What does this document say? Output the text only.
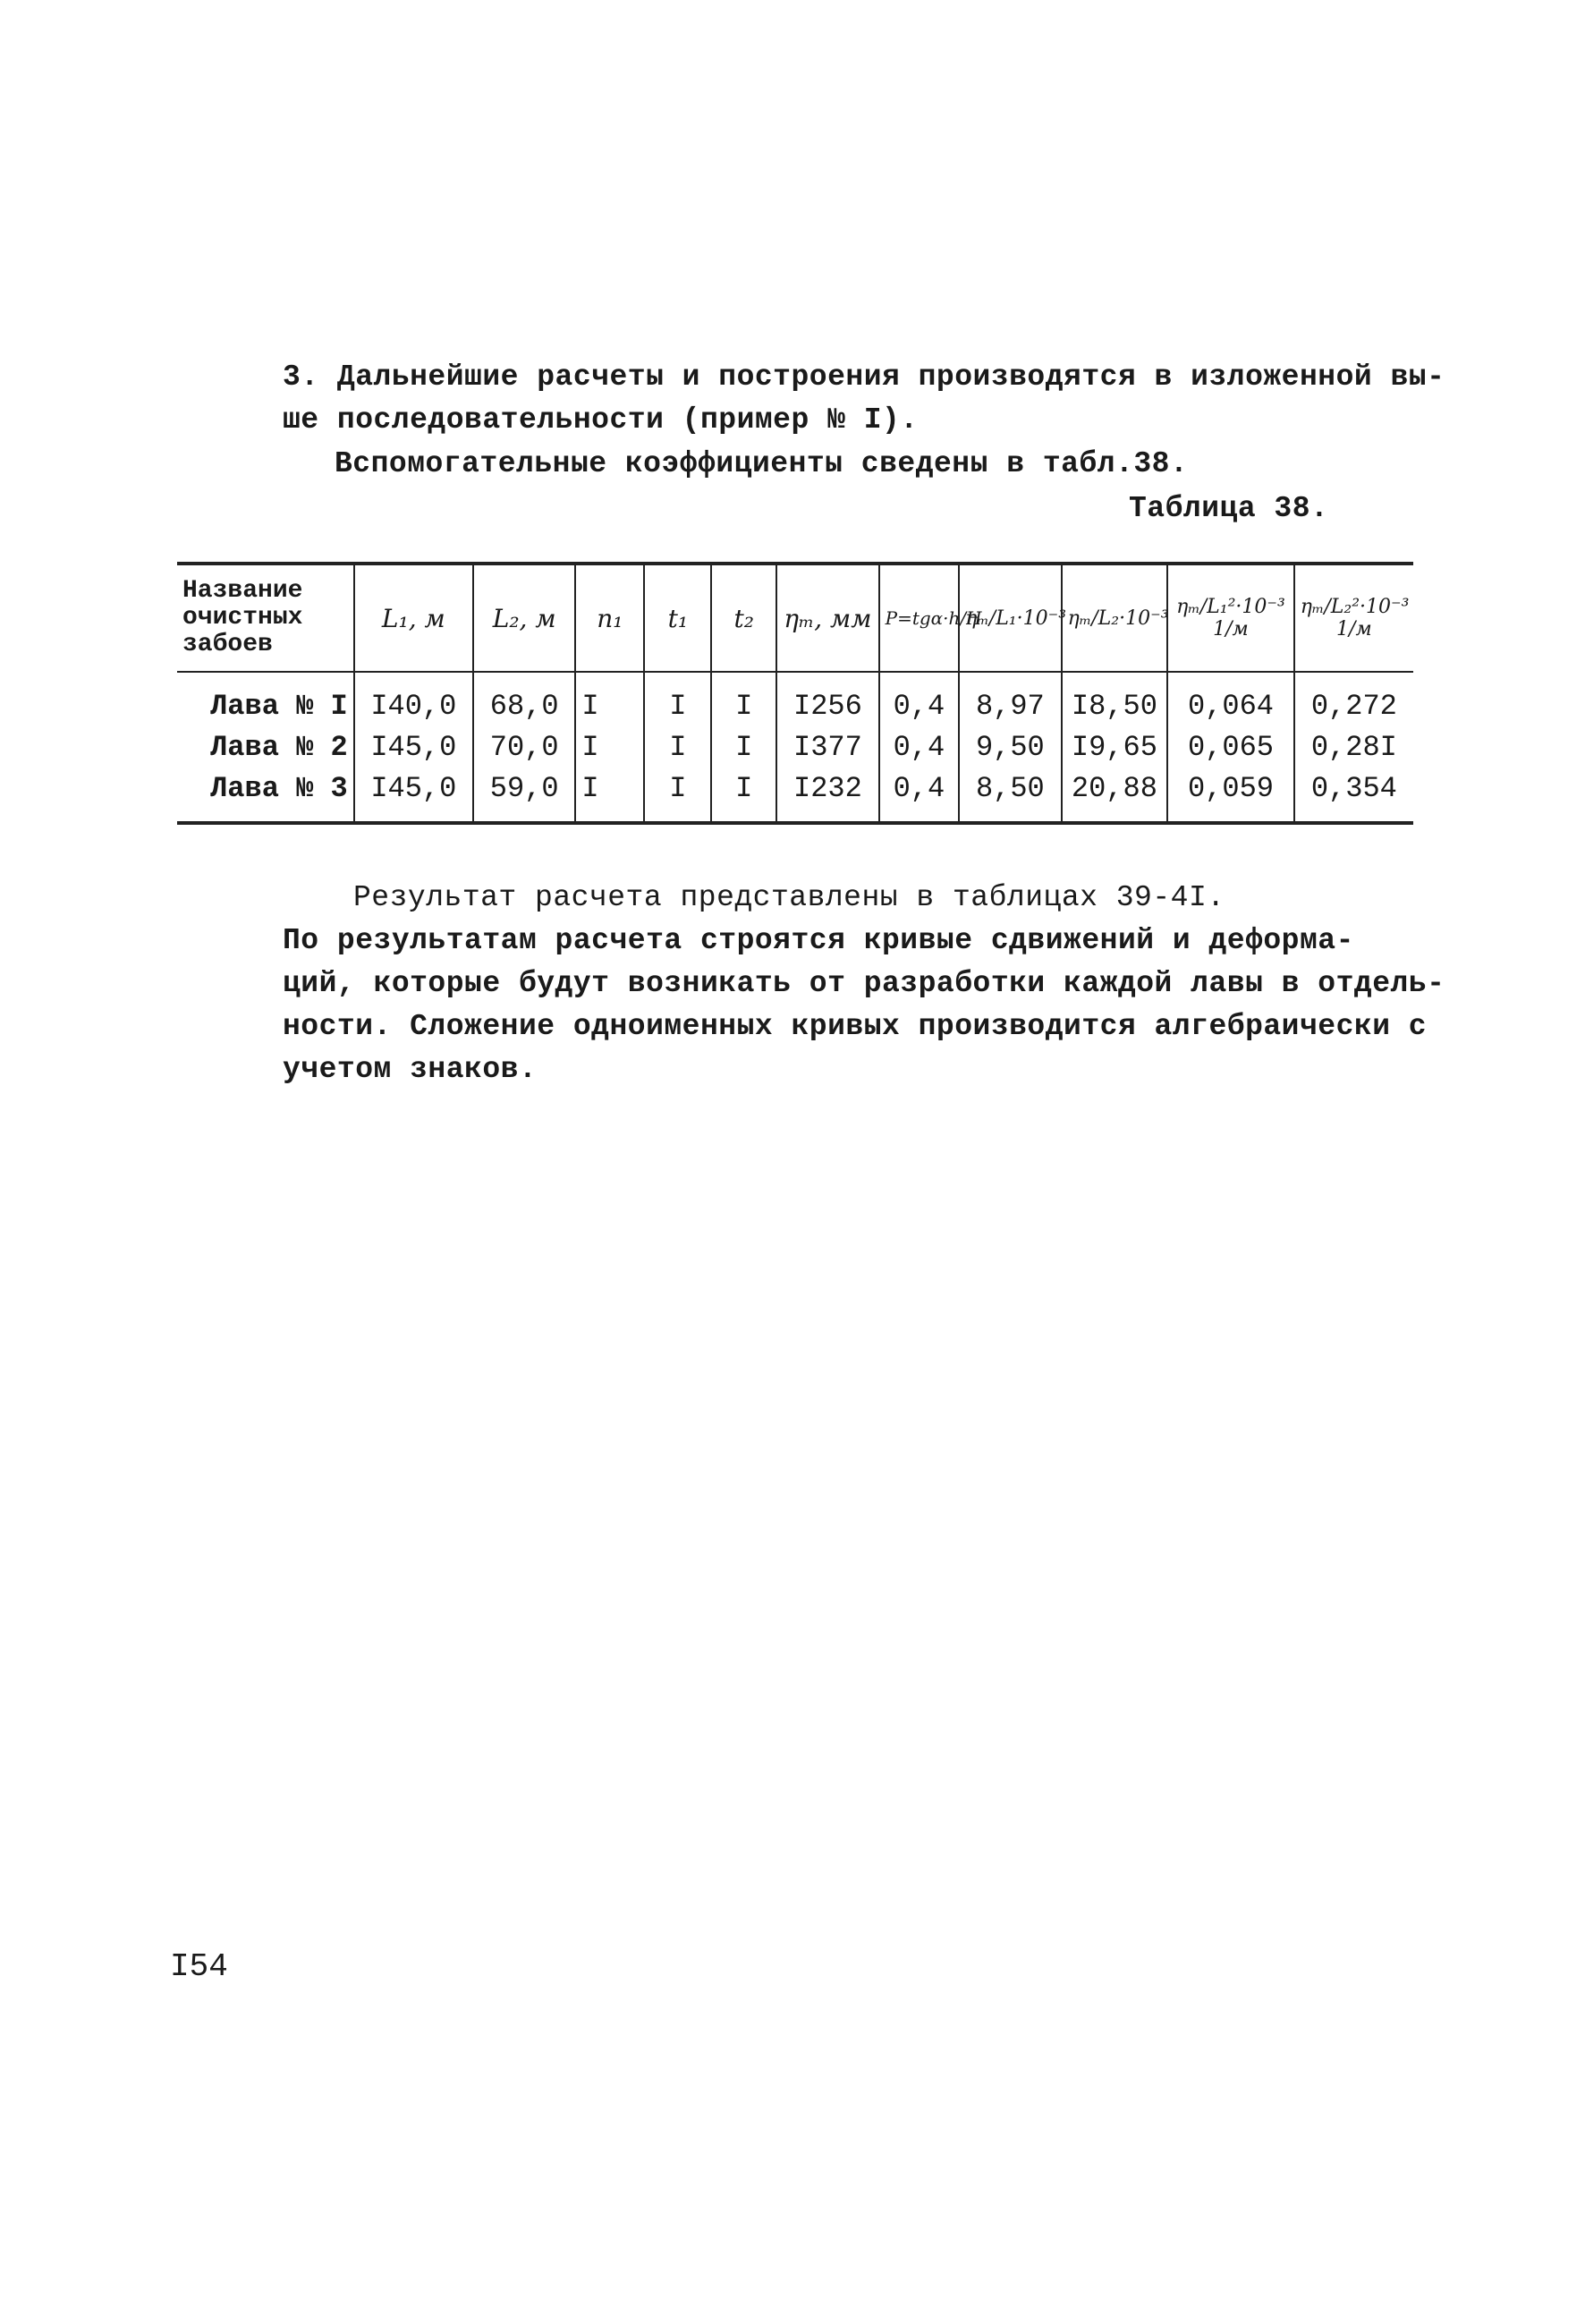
3. Дальнейшие расчеты и построения производятся в изложенной вы-
ше последовательности (пример № I).
Вспомогательные коэффициенты сведены в табл.38.
Таблица 38.
Название очистных забоев	L₁, м	L₂, м	n₁	t₁	t₂	ηₘ, мм	P=tgα·h/H	ηₘ/L₁·10⁻³	ηₘ/L₂·10⁻³	ηₘ/L₁²·10⁻³ 1/м	ηₘ/L₂²·10⁻³ 1/м
Лава № I	I40,0	68,0	I	I	I	I256	0,4	8,97	I8,50	0,064	0,272
Лава № 2	I45,0	70,0	I	I	I	I377	0,4	9,50	I9,65	0,065	0,28I
Лава № 3	I45,0	59,0	I	I	I	I232	0,4	8,50	20,88	0,059	0,354
Результат расчета представлены в таблицах 39-4I.
По результатам расчета строятся кривые сдвижений и деформа-
ций, которые будут возникать от разработки каждой лавы в отдель-
ности. Сложение одноименных кривых производится алгебраически с
учетом знаков.
I54
